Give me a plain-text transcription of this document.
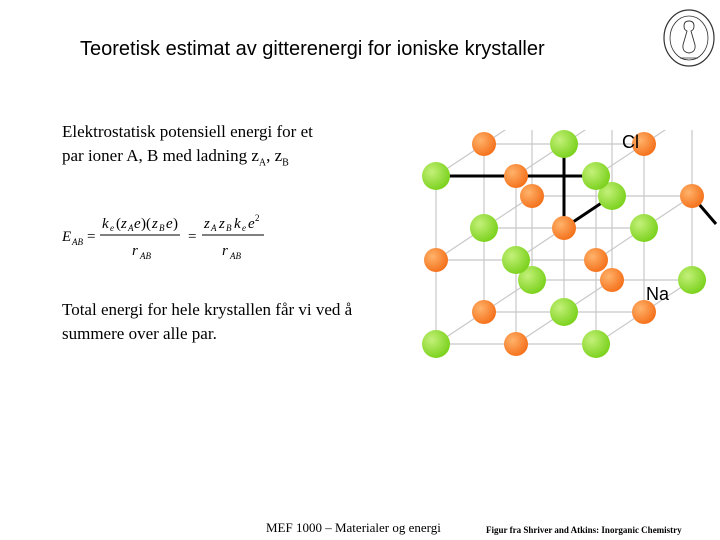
Teoretisk estimat av gitterenergi for ioniske krystaller
Elektrostatisk potensiell energi for et
par ioner A, B med ladning $z_A$, $z_B$
E AB =
k e ( z A e )( z B e )
r AB
=
z A z B k e e 2
r AB
Total energi for hele krystallen får vi ved å
summere over alle par.
Cl
Na
MEF 1000 – Materialer og energi	Figur fra Shriver and Atkins: Inorganic Chemistry
